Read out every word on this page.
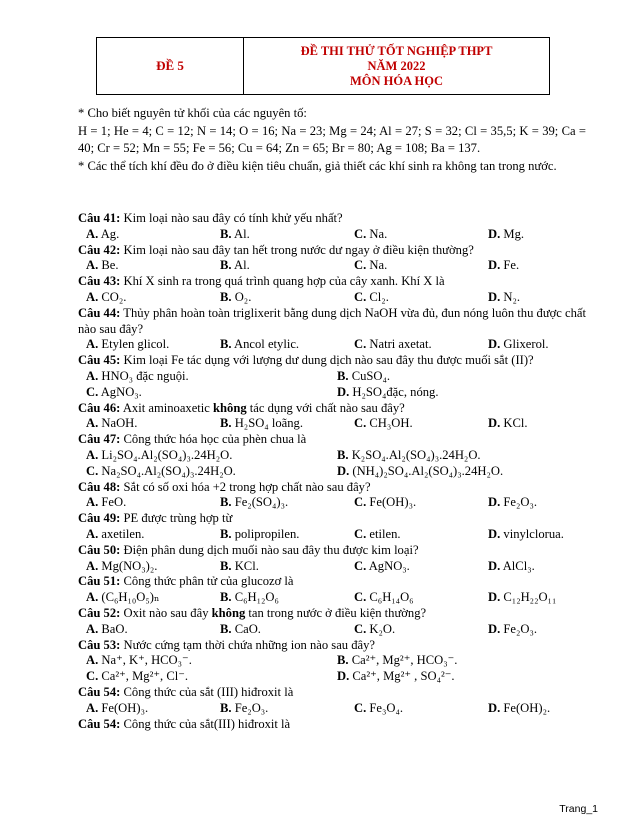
ĐỀ 5
ĐỀ THI THỬ TỐT NGHIỆP THPT
NĂM 2022
MÔN HÓA HỌC

* Cho biết nguyên tử khối của các nguyên tố:

H = 1; He = 4; C = 12; N = 14; O = 16; Na = 23; Mg = 24; Al = 27; S = 32; Cl = 35,5; K = 39; Ca = 40; Cr = 52; Mn = 55; Fe = 56; Cu = 64; Zn = 65; Br = 80; Ag = 108; Ba = 137.

* Các thể tích khí đều đo ở điều kiện tiêu chuẩn, giả thiết các khí sinh ra không tan trong nước.

Câu 41: Kim loại nào sau đây có tính khử yếu nhất?

A. Ag.	B. Al.	C. Na.	D. Mg.

Câu 42: Kim loại nào sau đây tan hết trong nước dư ngay ở điều kiện thường?

A. Be.	B. Al.	C. Na.	D. Fe.

Câu 43: Khí X sinh ra trong quá trình quang hợp của cây xanh. Khí X là

A. CO₂.	B. O₂.	C. Cl₂.	D. N₂.

Câu 44: Thủy phân hoàn toàn triglixerit bằng dung dịch NaOH vừa đủ, đun nóng luôn thu được chất nào sau đây?

A. Etylen glicol.	B. Ancol etylic.	C. Natri axetat.	D. Glixerol.

Câu 45: Kim loại Fe tác dụng với lượng dư dung dịch nào sau đây thu được muối sắt (II)?

A. HNO₃ đặc nguội.	B. CuSO₄.
C. AgNO₃.	D. H₂SO₄đặc, nóng.

Câu 46: Axit aminoaxetic không tác dụng với chất nào sau đây?

A. NaOH.	B. H₂SO₄ loãng.	C. CH₃OH.	D. KCl.

Câu 47: Công thức hóa học của phèn chua là

A. Li₂SO₄.Al₂(SO₄)₃.24H₂O.	B. K₂SO₄.Al₂(SO₄)₃.24H₂O.
C. Na₂SO₄.Al₂(SO₄)₃.24H₂O.	D. (NH₄)₂SO₄.Al₂(SO₄)₃.24H₂O.

Câu 48: Sắt có số oxi hóa +2 trong hợp chất nào sau đây?

A. FeO.	B. Fe₂(SO₄)₃.	C. Fe(OH)₃.	D. Fe₂O₃.

Câu 49: PE được trùng hợp từ

A. axetilen.	B. polipropilen.	C. etilen.	D. vinylclorua.

Câu 50: Điện phân dung dịch muối nào sau đây thu được kim loại?

A. Mg(NO₃)₂.	B. KCl.	C. AgNO₃.	D. AlCl₃.

Câu 51: Công thức phân tử của glucozơ là

A. (C₆H₁₀O₅)ₙ	B. C₆H₁₂O₆	C. C₆H₁₄O₆	D. C₁₂H₂₂O₁₁

Câu 52: Oxit nào sau đây không tan trong nước ở điều kiện thường?

A. BaO.	B. CaO.	C. K₂O.	D. Fe₂O₃.

Câu 53: Nước cứng tạm thời chứa những ion nào sau đây?

A. Na⁺, K⁺, HCO₃⁻.	B. Ca²⁺, Mg²⁺, HCO₃⁻.
C. Ca²⁺, Mg²⁺, Cl⁻.	D. Ca²⁺, Mg²⁺ , SO₄²⁻.

Câu 54: Công thức của sắt (III) hiđroxit là

A. Fe(OH)₃.	B. Fe₂O₃.	C. Fe₃O₄.	D. Fe(OH)₂.

Câu 54: Công thức của sắt(III) hiđroxit là

Trang_1
